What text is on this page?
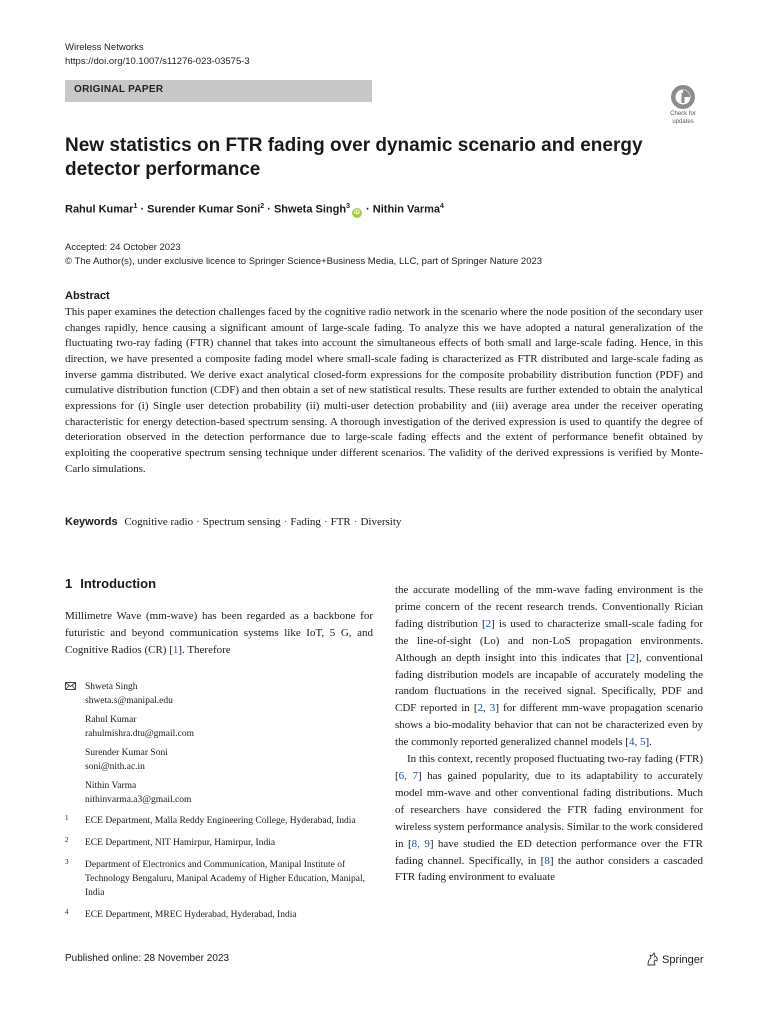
Wireless Networks
https://doi.org/10.1007/s11276-023-03575-3
ORIGINAL PAPER
Check for
updates
New statistics on FTR fading over dynamic scenario and energy detector performance
Rahul Kumar$^1$ · Surender Kumar Soni$^2$ · Shweta Singh$^3$iD · Nithin Varma$^4$
Accepted: 24 October 2023
© The Author(s), under exclusive licence to Springer Science+Business Media, LLC, part of Springer Nature 2023
Abstract
This paper examines the detection challenges faced by the cognitive radio network in the scenario where the node position of the secondary user changes rapidly, hence causing a significant amount of large-scale fading. To analyze this we have adopted a natural generalization of the fluctuating two-ray fading (FTR) channel that takes into account the simultaneous effects of both small and large-scale fading. Hence, in this direction, we have presented a composite fading model where small-scale fading is characterized as FTR distributed and large-scale fading as inverse gamma distributed. We derive exact analytical closed-form expressions for the composite probability distribution function (PDF) and cumulative distribution function (CDF) and then obtain a set of new statistical results. These results are further extended to obtain the analytical expressions for (i) Single user detection probability (ii) multi-user detection probability and (iii) average area under the receiver operating characteristic for energy detection-based spectrum sensing. A thorough investigation of the derived expression is used to quantify the degree of deterioration observed in the detection performance due to large-scale fading effects and the extent of performance benefit obtained by exploiting the cooperative spectrum sensing technique under different scenarios. The validity of the derived expressions is verified by Monte-Carlo simulations.
Keywords Cognitive radio · Spectrum sensing · Fading · FTR · Diversity
1 Introduction
Millimetre Wave (mm-wave) has been regarded as a backbone for futuristic and beyond communication systems like IoT, 5 G, and Cognitive Radios (CR) [1]. Therefore
Shweta Singh
shweta.s@manipal.edu
Rahul Kumar
rahulmishra.dtu@gmail.com
Surender Kumar Soni
soni@nith.ac.in
Nithin Varma
nithinvarma.a3@gmail.com
1 ECE Department, Malla Reddy Engineering College, Hyderabad, India
2 ECE Department, NIT Hamirpur, Hamirpur, India
3 Department of Electronics and Communication, Manipal Institute of Technology Bengaluru, Manipal Academy of Higher Education, Manipal, India
4 ECE Department, MREC Hyderabad, Hyderabad, India

the accurate modelling of the mm-wave fading environment is the prime concern of the recent research trends. Conventionally Rician fading distribution [2] is used to characterize small-scale fading for the line-of-sight (Lo) and non-LoS propagation environments. Although an depth insight into this indicates that [2], conventional fading distribution models are incapable of accurately modeling the random fluctuations in the received signal. Specifically, PDF and CDF reported in [2, 3] for different mm-wave propagation scenario shows a bio-modality behavior that can not be characterized even by the commonly reported generalized channel models [4, 5].

In this context, recently proposed fluctuating two-ray fading (FTR) [6, 7] has gained popularity, due to its adaptability to accurately model mm-wave and other conventional fading distributions. Much of researchers have considered the FTR fading environment for wireless system performance analysis. Similar to the work considered in [8, 9] have studied the ED detection performance over the FTR fading channel. Specifically, in [8] the author considers a cascaded FTR fading environment to evaluate

Published online: 28 November 2023	Springer
